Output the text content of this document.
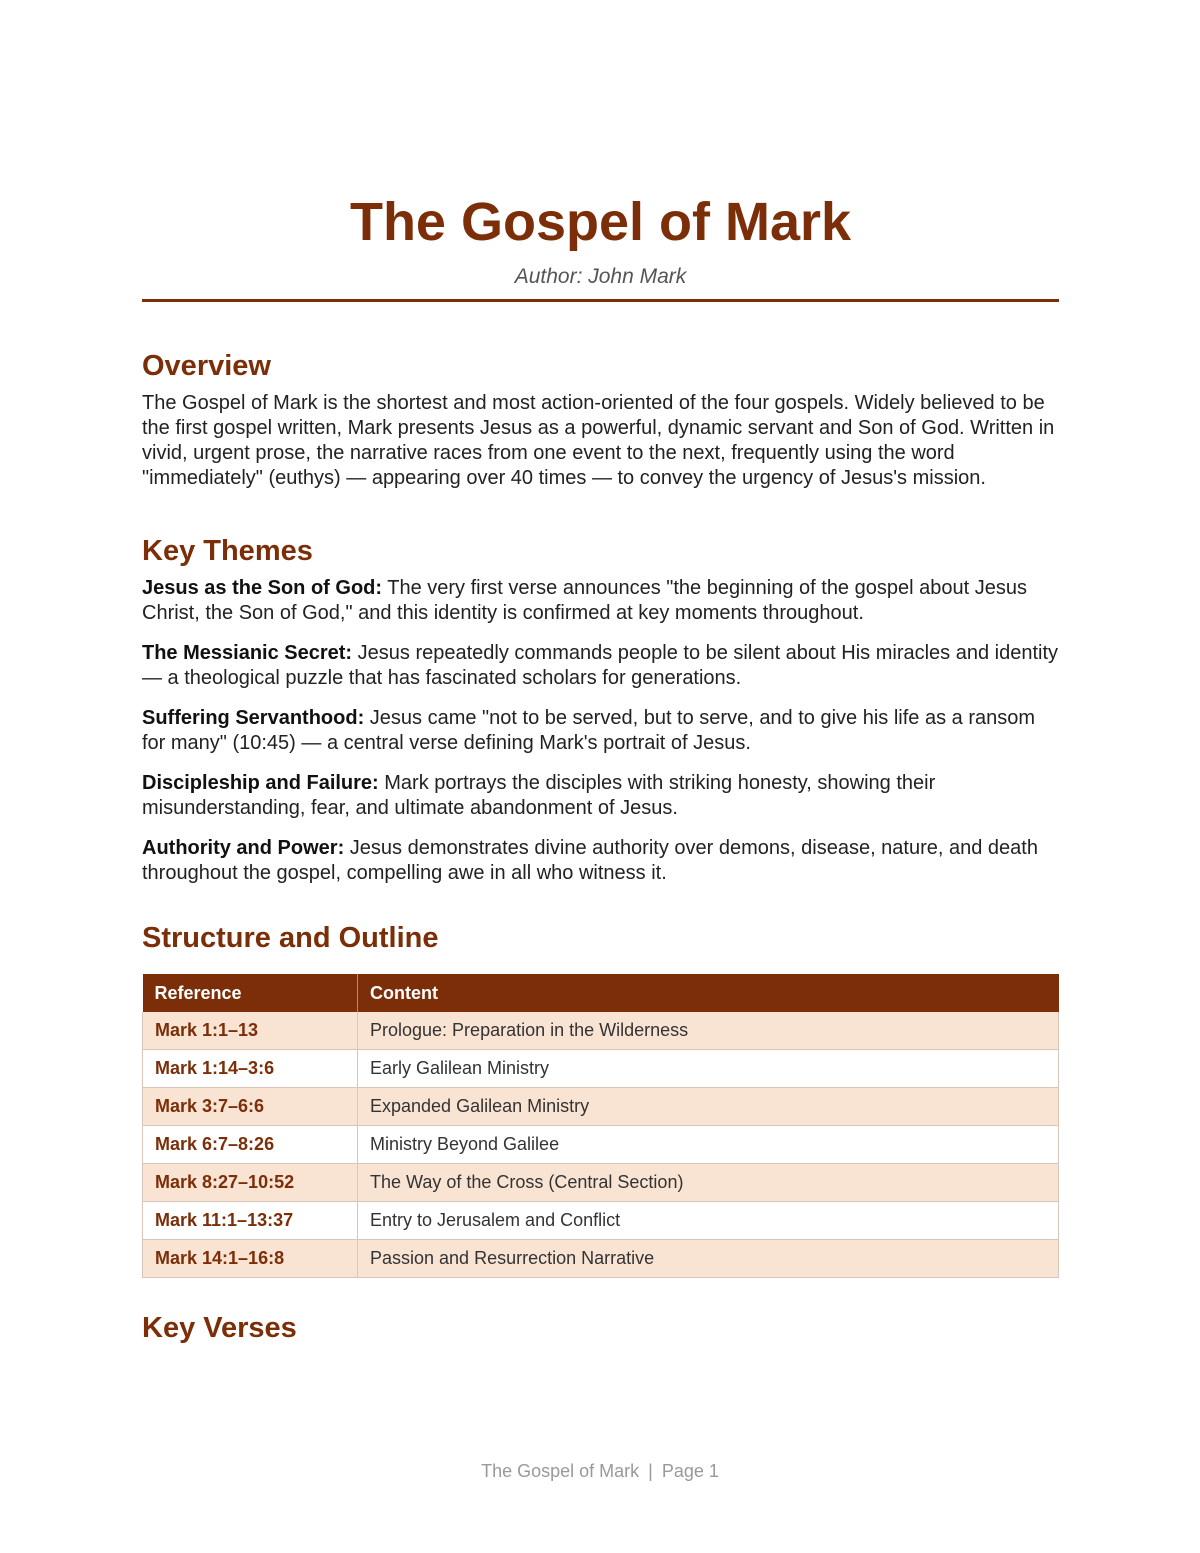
The Gospel of Mark
Author: John Mark
Overview

The Gospel of Mark is the shortest and most action-oriented of the four gospels. Widely believed to be the first gospel written, Mark presents Jesus as a powerful, dynamic servant and Son of God. Written in vivid, urgent prose, the narrative races from one event to the next, frequently using the word "immediately" (euthys) — appearing over 40 times — to convey the urgency of Jesus's mission.

Key Themes

Jesus as the Son of God: The very first verse announces "the beginning of the gospel about Jesus Christ, the Son of God," and this identity is confirmed at key moments throughout.

The Messianic Secret: Jesus repeatedly commands people to be silent about His miracles and identity — a theological puzzle that has fascinated scholars for generations.

Suffering Servanthood: Jesus came "not to be served, but to serve, and to give his life as a ransom for many" (10:45) — a central verse defining Mark's portrait of Jesus.

Discipleship and Failure: Mark portrays the disciples with striking honesty, showing their misunderstanding, fear, and ultimate abandonment of Jesus.

Authority and Power: Jesus demonstrates divine authority over demons, disease, nature, and death throughout the gospel, compelling awe in all who witness it.

Structure and Outline
Reference	Content
Mark 1:1–13	Prologue: Preparation in the Wilderness
Mark 1:14–3:6	Early Galilean Ministry
Mark 3:7–6:6	Expanded Galilean Ministry
Mark 6:7–8:26	Ministry Beyond Galilee
Mark 8:27–10:52	The Way of the Cross (Central Section)
Mark 11:1–13:37	Entry to Jerusalem and Conflict
Mark 14:1–16:8	Passion and Resurrection Narrative
Key Verses
The Gospel of Mark | Page 1
